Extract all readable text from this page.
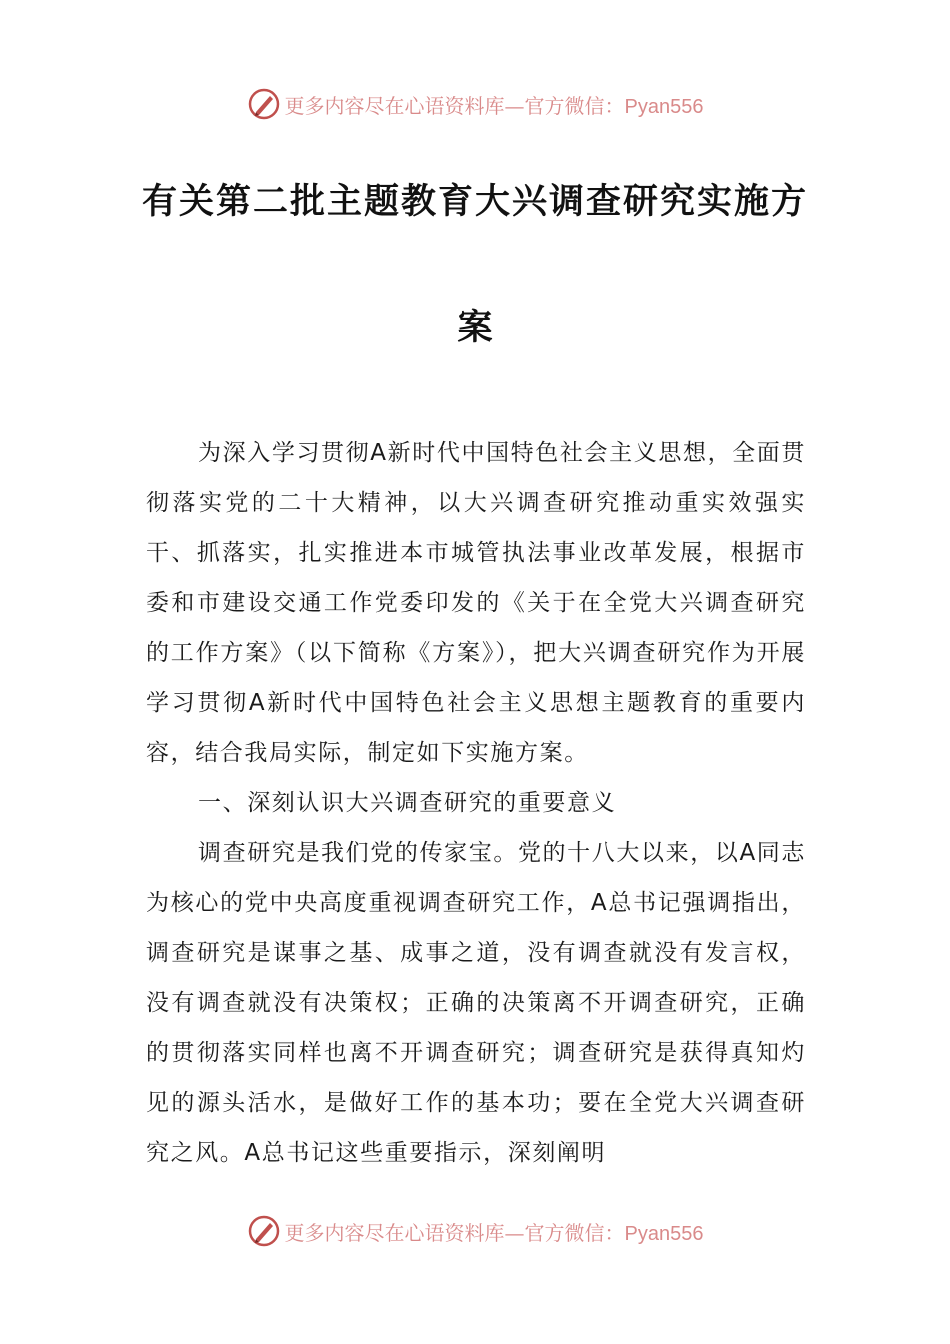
更多内容尽在心语资料库—官方微信：Pyan556
有关第二批主题教育大兴调查研究实施方
案

为深入学习贯彻A新时代中国特色社会主义思想，全面贯彻落实党的二十大精神，以大兴调查研究推动重实效强实干、抓落实，扎实推进本市城管执法事业改革发展，根据市委和市建设交通工作党委印发的《关于在全党大兴调查研究的工作方案》（以下简称《方案》），把大兴调查研究作为开展学习贯彻A新时代中国特色社会主义思想主题教育的重要内容，结合我局实际，制定如下实施方案。

一、深刻认识大兴调查研究的重要意义

调查研究是我们党的传家宝。党的十八大以来，以A同志为核心的党中央高度重视调查研究工作，A总书记强调指出，调查研究是谋事之基、成事之道，没有调查就没有发言权，没有调查就没有决策权；正确的决策离不开调查研究，正确的贯彻落实同样也离不开调查研究；调查研究是获得真知灼见的源头活水，是做好工作的基本功；要在全党大兴调查研究之风。A总书记这些重要指示，深刻阐明

更多内容尽在心语资料库—官方微信：Pyan556
